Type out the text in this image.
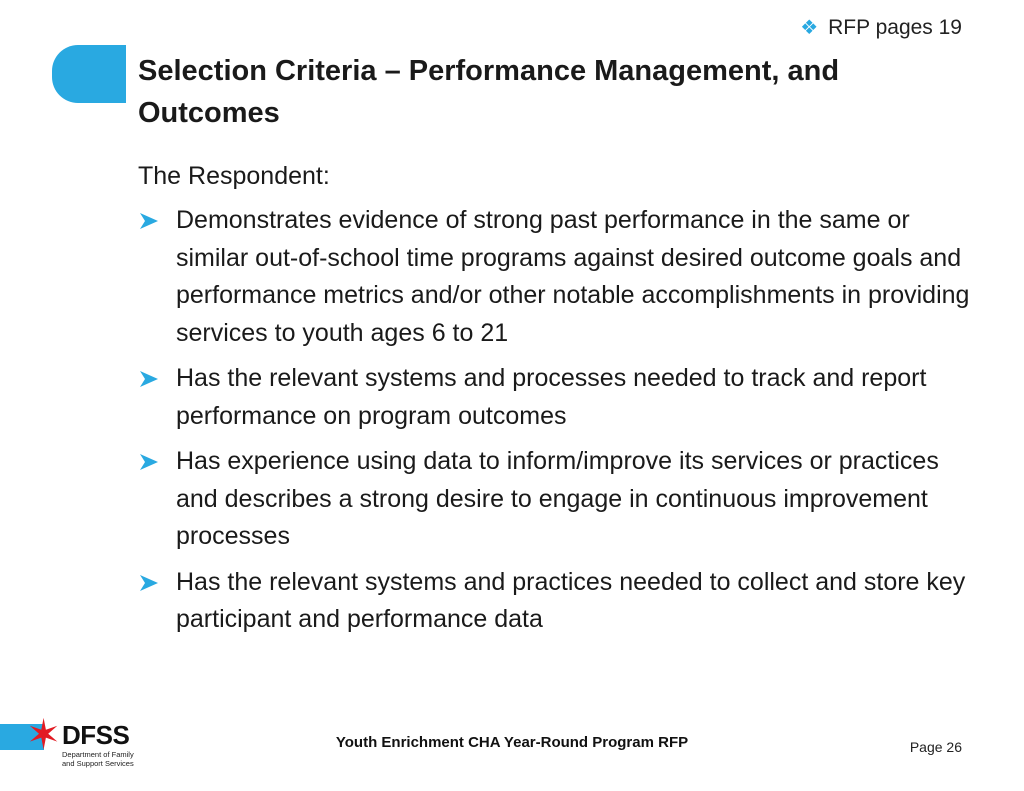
❖ RFP pages 19
Selection Criteria – Performance Management, and Outcomes

The Respondent:

Demonstrates evidence of strong past performance in the same or similar out-of-school time programs against desired outcome goals and performance metrics and/or other notable accomplishments in providing services to youth ages 6 to 21
Has the relevant systems and processes needed to track and report performance on program outcomes
Has experience using data to inform/improve its services or practices and describes a strong desire to engage in continuous improvement processes
Has the relevant systems and practices needed to collect and store key participant and performance data
✶ DFSS
Department of Family and Support Services
Youth Enrichment CHA Year-Round Program RFP	Page 26
